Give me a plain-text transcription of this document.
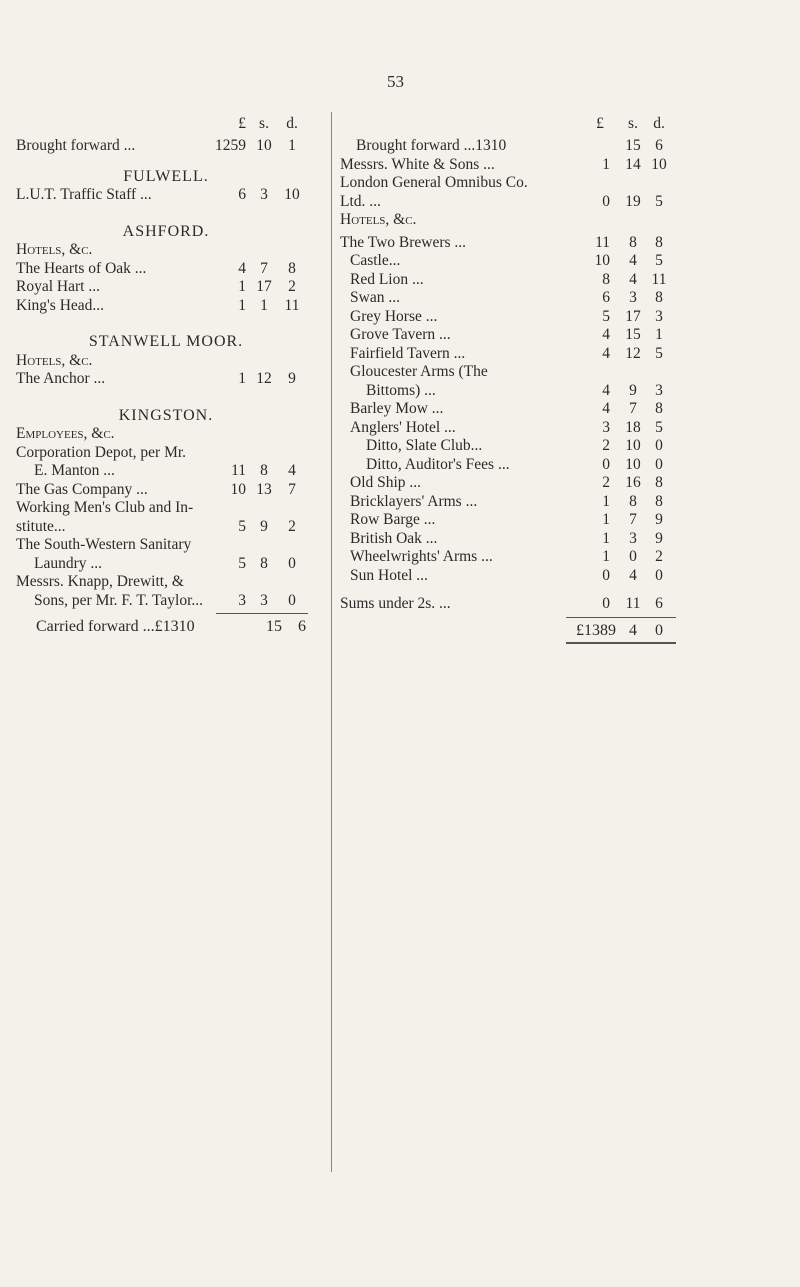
53
£ s.	d.
Brought forward ...	1259 10	1
FULWELL.
L.U.T. Traffic Staff ...	6 3	10
ASHFORD.
Hotels, &c.
The Hearts of Oak ...	4 7	8
Royal Hart ...	1 17	2
King's Head...	1 1	11
STANWELL MOOR.
Hotels, &c.
The Anchor ...	1 12	9
KINGSTON.
Employees, &c.
Corporation Depot, per Mr.
E. Manton ...	11 8	4
The Gas Company ...	10 13	7
Working Men's Club and In-
stitute...	5 9	2
The South-Western Sanitary
Laundry ...	5 8	0
Messrs. Knapp, Drewitt, &
Sons, per Mr. F. T. Taylor...	3 3	0
Carried forward ...£1310	15	6
£	s. d.
Brought forward ...1310	15 6
Messrs. White & Sons ...	1 14 10
London General Omnibus Co.
Ltd. ...	0 19 5
Hotels, &c.
The Two Brewers ...	11	8	8
Castle...	10	4	5
Red Lion ...	8	4 11
Swan ...	6	3	8
Grey Horse ...	5 17 3
Grove Tavern ...	4 15 1
Fairfield Tavern ...	4 12 5
Gloucester Arms (The
Bittoms) ...	4	9	3
Barley Mow ...	4	7	8
Anglers' Hotel ...	3 18 5
Ditto, Slate Club...	2 10 0
Ditto, Auditor's Fees ...	0 10 0
Old Ship ...	2 16 8
Bricklayers' Arms ...	1	8	8
Row Barge ...	1	7	9
British Oak ...	1	3	9
Wheelwrights' Arms ...	1	0	2
Sun Hotel ...	0	4	0
Sums under 2s. ...	0 11 6
£1389 4	0
